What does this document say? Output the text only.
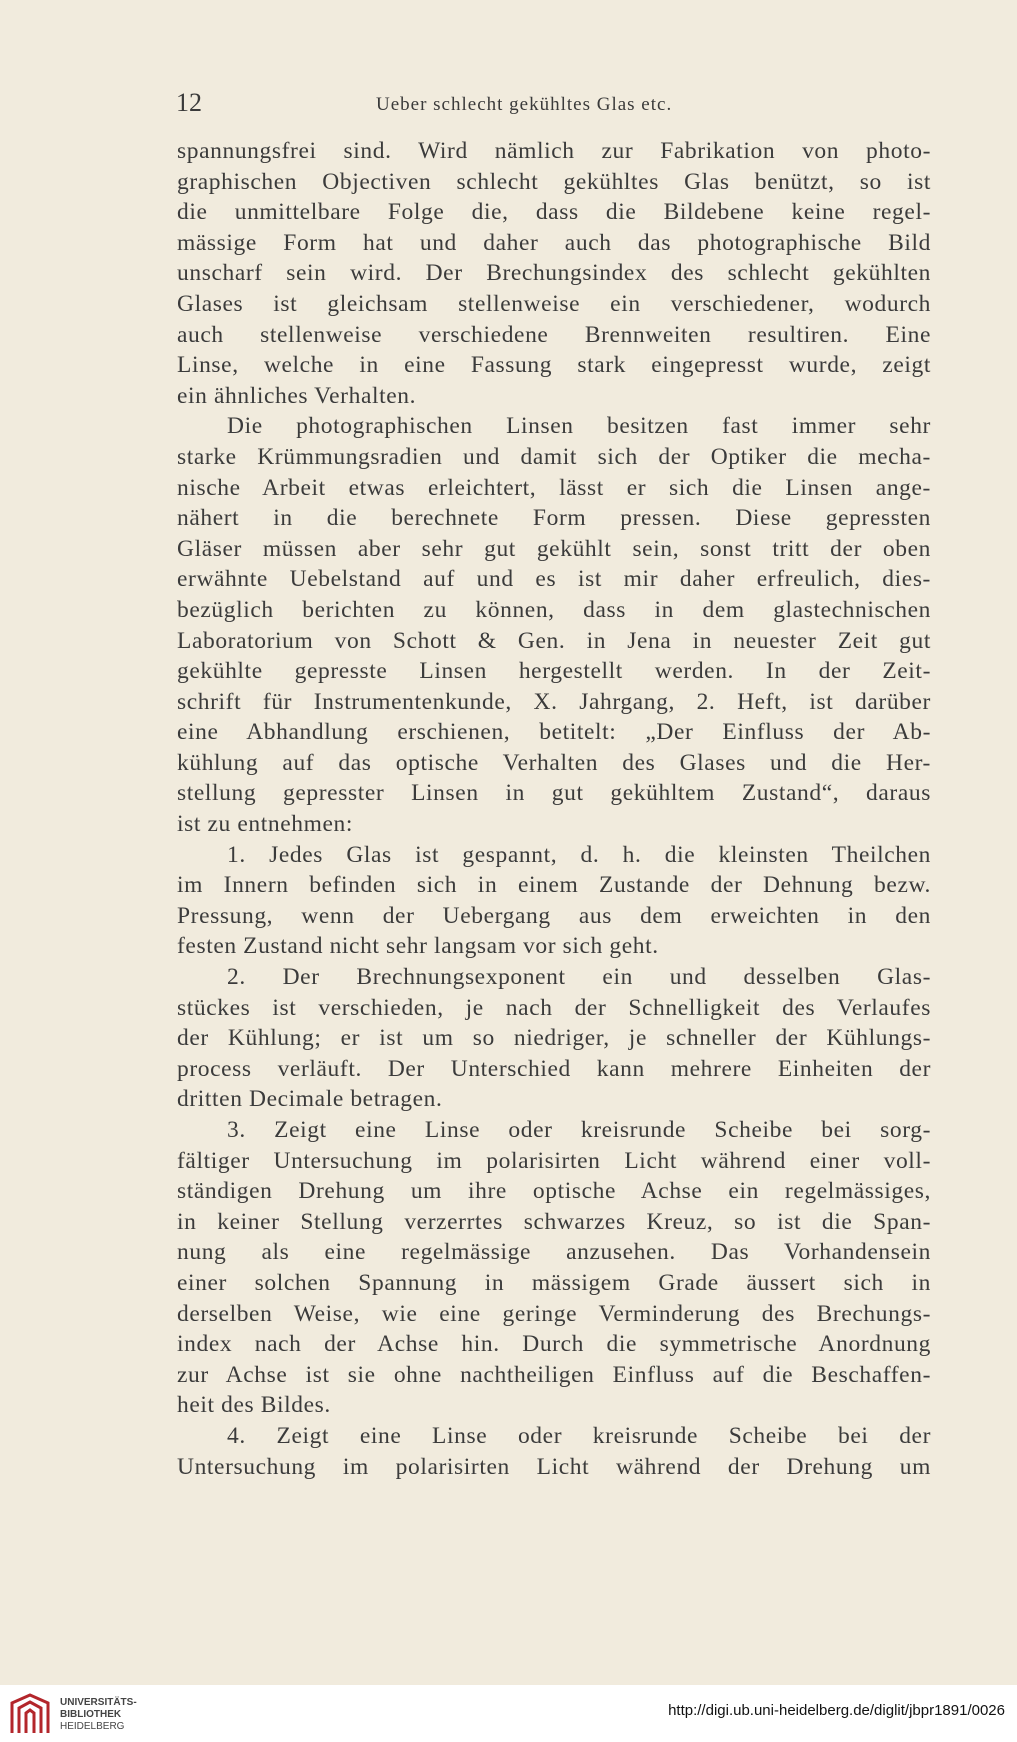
12	Ueber schlecht gekühltes Glas etc.
spannungsfrei sind. Wird nämlich zur Fabrikation von photo-
graphischen Objectiven schlecht gekühltes Glas benützt, so ist
die unmittelbare Folge die, dass die Bildebene keine regel-
mässige Form hat und daher auch das photographische Bild
unscharf sein wird. Der Brechungsindex des schlecht gekühlten
Glases ist gleichsam stellenweise ein verschiedener, wodurch
auch stellenweise verschiedene Brennweiten resultiren. Eine
Linse, welche in eine Fassung stark eingepresst wurde, zeigt
ein ähnliches Verhalten.
Die photographischen Linsen besitzen fast immer sehr
starke Krümmungsradien und damit sich der Optiker die mecha-
nische Arbeit etwas erleichtert, lässt er sich die Linsen ange-
nähert in die berechnete Form pressen. Diese gepressten
Gläser müssen aber sehr gut gekühlt sein, sonst tritt der oben
erwähnte Uebelstand auf und es ist mir daher erfreulich, dies-
bezüglich berichten zu können, dass in dem glastechnischen
Laboratorium von Schott & Gen. in Jena in neuester Zeit gut
gekühlte gepresste Linsen hergestellt werden. In der Zeit-
schrift für Instrumentenkunde, X. Jahrgang, 2. Heft, ist darüber
eine Abhandlung erschienen, betitelt: „Der Einfluss der Ab-
kühlung auf das optische Verhalten des Glases und die Her-
stellung gepresster Linsen in gut gekühltem Zustand“, daraus
ist zu entnehmen:
1. Jedes Glas ist gespannt, d. h. die kleinsten Theilchen
im Innern befinden sich in einem Zustande der Dehnung bezw.
Pressung, wenn der Uebergang aus dem erweichten in den
festen Zustand nicht sehr langsam vor sich geht.
2. Der Brechnungsexponent ein und desselben Glas-
stückes ist verschieden, je nach der Schnelligkeit des Verlaufes
der Kühlung; er ist um so niedriger, je schneller der Kühlungs-
process verläuft. Der Unterschied kann mehrere Einheiten der
dritten Decimale betragen.
3. Zeigt eine Linse oder kreisrunde Scheibe bei sorg-
fältiger Untersuchung im polarisirten Licht während einer voll-
ständigen Drehung um ihre optische Achse ein regelmässiges,
in keiner Stellung verzerrtes schwarzes Kreuz, so ist die Span-
nung als eine regelmässige anzusehen. Das Vorhandensein
einer solchen Spannung in mässigem Grade äussert sich in
derselben Weise, wie eine geringe Verminderung des Brechungs-
index nach der Achse hin. Durch die symmetrische Anordnung
zur Achse ist sie ohne nachtheiligen Einfluss auf die Beschaffen-
heit des Bildes.
4. Zeigt eine Linse oder kreisrunde Scheibe bei der
Untersuchung im polarisirten Licht während der Drehung um
UNIVERSITÄTS-
BIBLIOTHEK
HEIDELBERG
http://digi.ub.uni-heidelberg.de/diglit/jbpr1891/0026
